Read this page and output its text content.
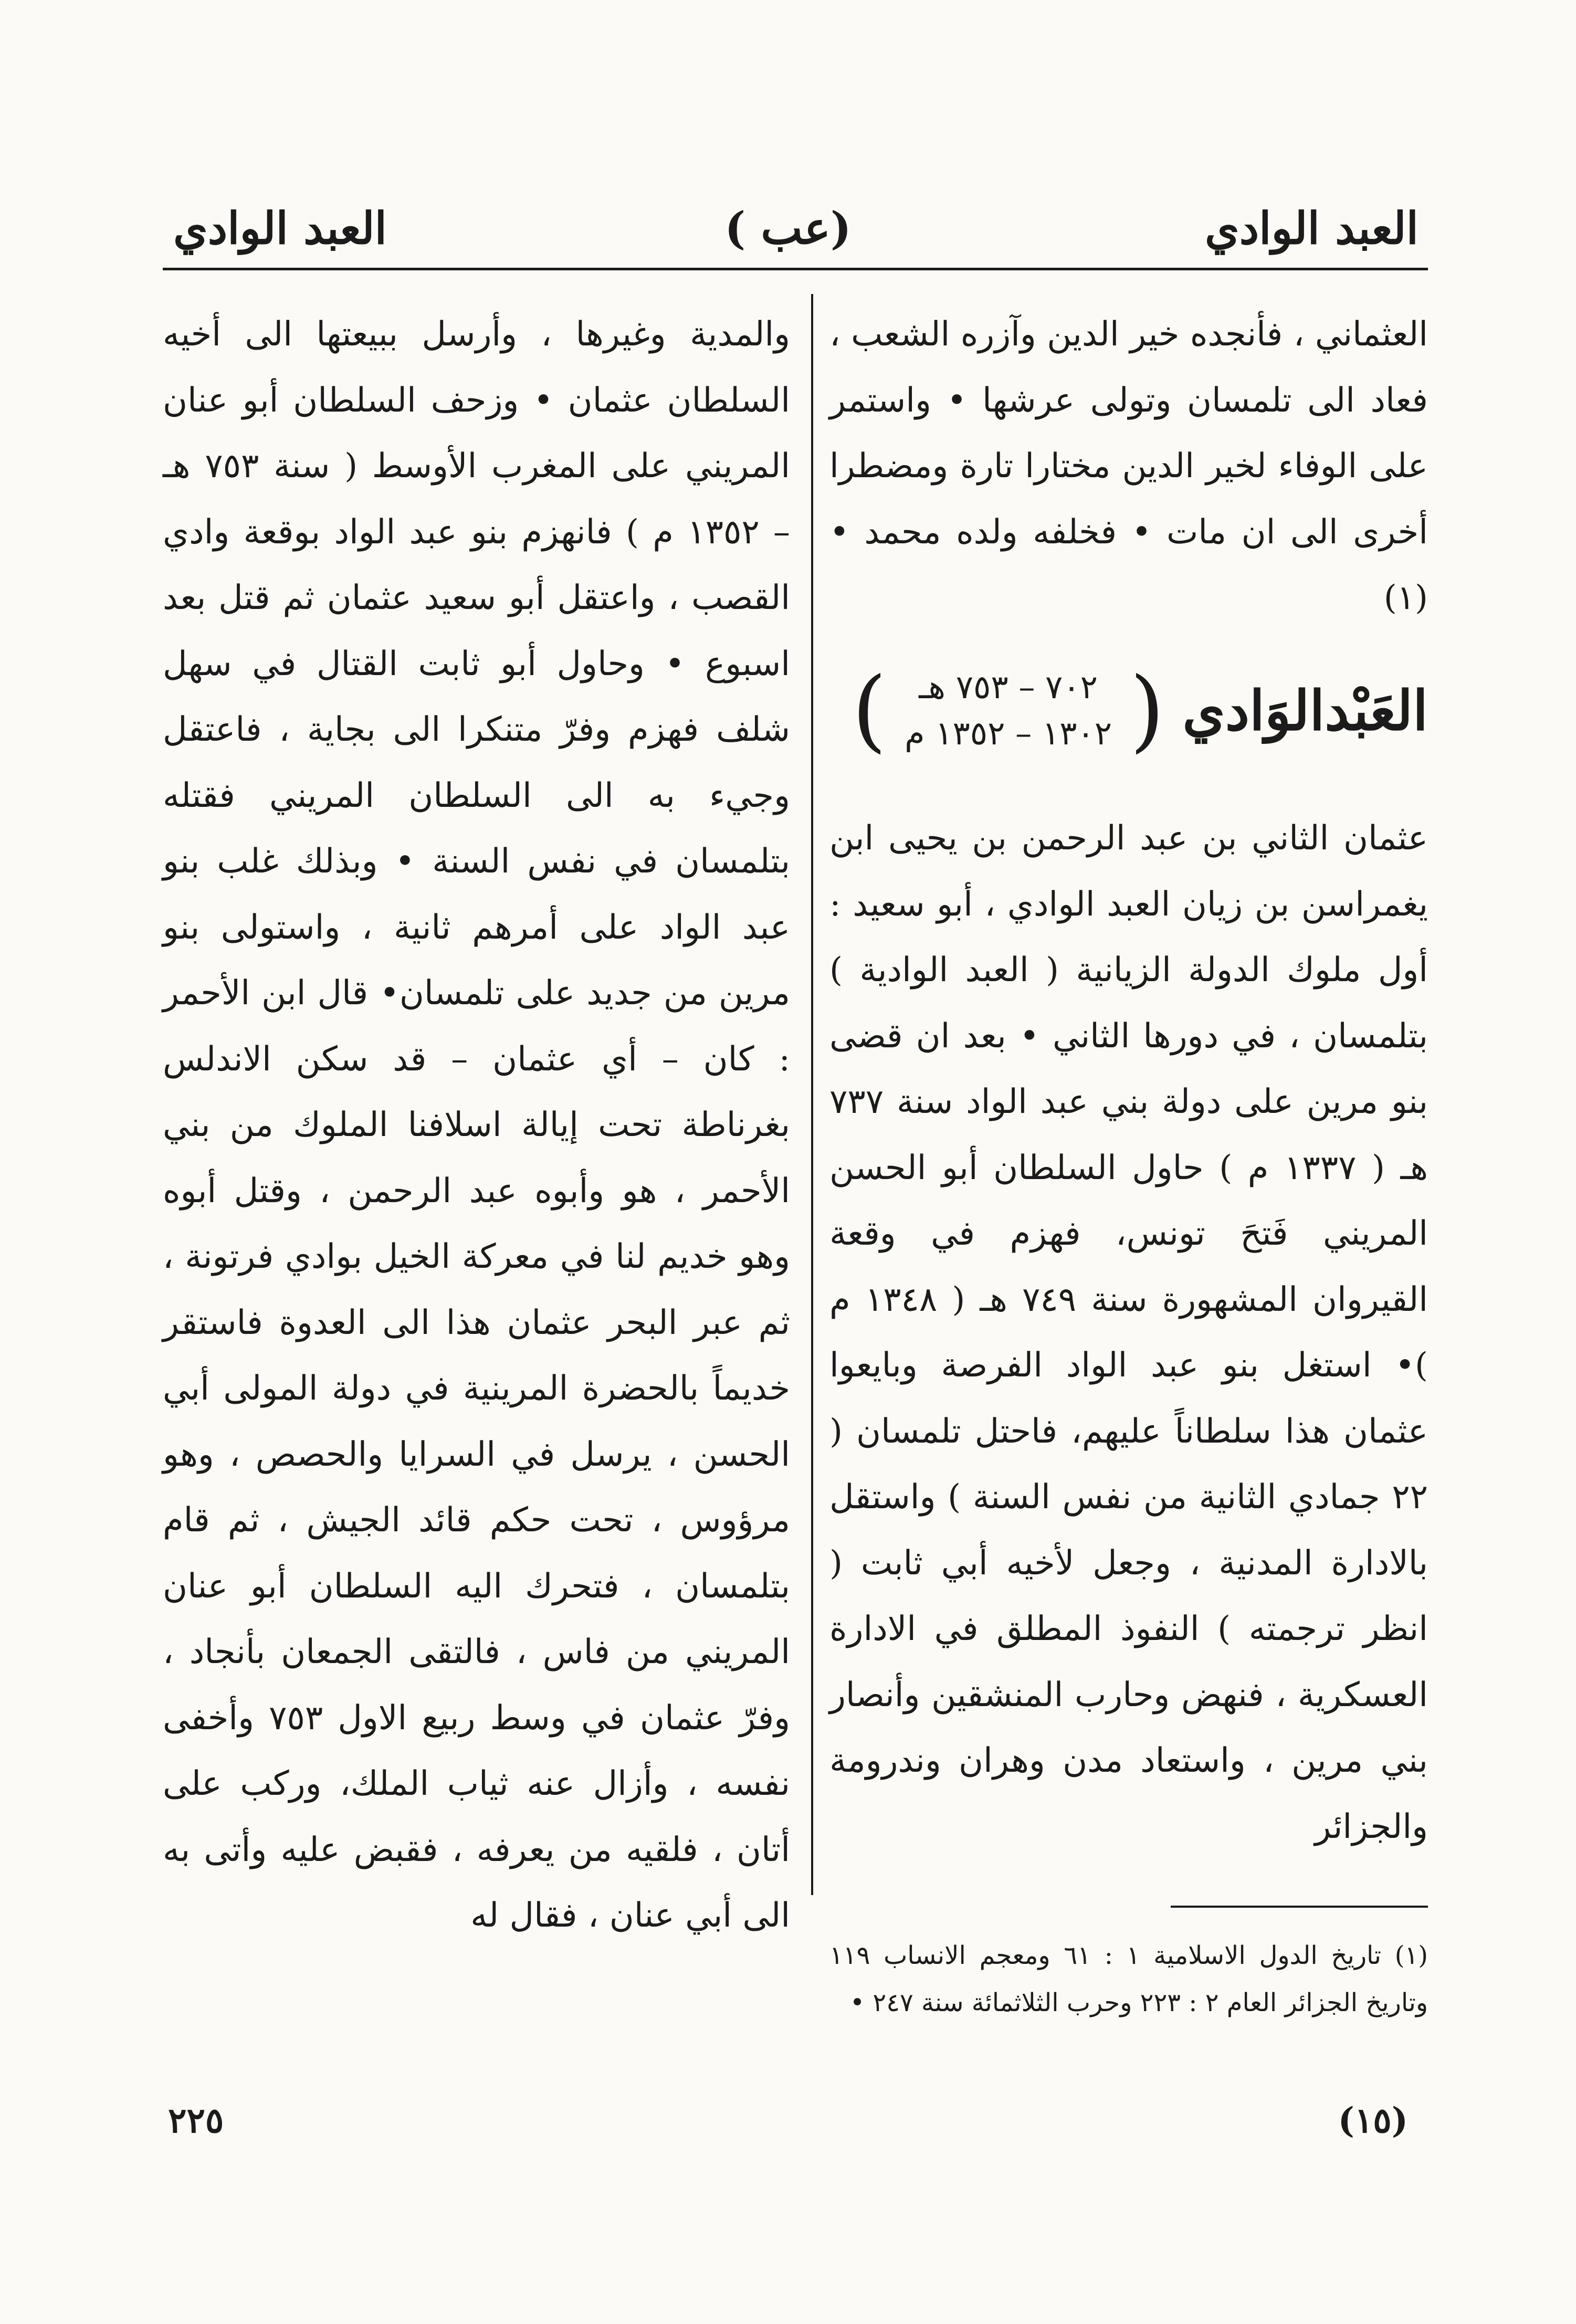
العبد الوادي
(عب )
العبد الوادي

العثماني ، فأنجده خير الدين وآزره الشعب ، فعاد الى تلمسان وتولى عرشها • واستمر على الوفاء لخير الدين مختارا تارة ومضطرا أخرى الى ان مات • فخلفه ولده محمد • (١)

العَبْدالوَادي
(
٧٠٢ – ٧٥٣ هـ
١٣٠٢ – ١٣٥٢ م
)

عثمان الثاني بن عبد الرحمن بن يحيى ابن يغمراسن بن زيان العبد الوادي ، أبو سعيد : أول ملوك الدولة الزيانية ( العبد الوادية ) بتلمسان ، في دورها الثاني • بعد ان قضى بنو مرين على دولة بني عبد الواد سنة ٧٣٧ هـ ( ١٣٣٧ م ) حاول السلطان أبو الحسن المريني فَتحَ تونس، فهزم في وقعة القيروان المشهورة سنة ٧٤٩ هـ ( ١٣٤٨ م )• استغل بنو عبد الواد الفرصة وبايعوا عثمان هذا سلطاناً عليهم، فاحتل تلمسان ( ٢٢ جمادي الثانية من نفس السنة ) واستقل بالادارة المدنية ، وجعل لأخيه أبي ثابت ( انظر ترجمته ) النفوذ المطلق في الادارة العسكرية ، فنهض وحارب المنشقين وأنصار بني مرين ، واستعاد مدن وهران وندرومة والجزائر

(١) تاريخ الدول الاسلامية ١ : ٦١ ومعجم الانساب ١١٩ وتاريخ الجزائر العام ٢ : ٢٢٣ وحرب الثلاثمائة سنة ٢٤٧ •

والمدية وغيرها ، وأرسل ببيعتها الى أخيه السلطان عثمان • وزحف السلطان أبو عنان المريني على المغرب الأوسط ( سنة ٧٥٣ هـ – ١٣٥٢ م ) فانهزم بنو عبد الواد بوقعة وادي القصب ، واعتقل أبو سعيد عثمان ثم قتل بعد اسبوع • وحاول أبو ثابت القتال في سهل شلف فهزم وفرّ متنكرا الى بجاية ، فاعتقل وجيء به الى السلطان المريني فقتله بتلمسان في نفس السنة • وبذلك غلب بنو عبد الواد على أمرهم ثانية ، واستولى بنو مرين من جديد على تلمسان• قال ابن الأحمر : كان – أي عثمان – قد سكن الاندلس بغرناطة تحت إيالة اسلافنا الملوك من بني الأحمر ، هو وأبوه عبد الرحمن ، وقتل أبوه وهو خديم لنا في معركة الخيل بوادي فرتونة ، ثم عبر البحر عثمان هذا الى العدوة فاستقر خديماً بالحضرة المرينية في دولة المولى أبي الحسن ، يرسل في السرايا والحصص ، وهو مرؤوس ، تحت حكم قائد الجيش ، ثم قام بتلمسان ، فتحرك اليه السلطان أبو عنان المريني من فاس ، فالتقى الجمعان بأنجاد ، وفرّ عثمان في وسط ربيع الاول ٧٥٣ وأخفى نفسه ، وأزال عنه ثياب الملك، وركب على أتان ، فلقيه من يعرفه ، فقبض عليه وأتى به الى أبي عنان ، فقال له

٢٢٥	(١٥)
